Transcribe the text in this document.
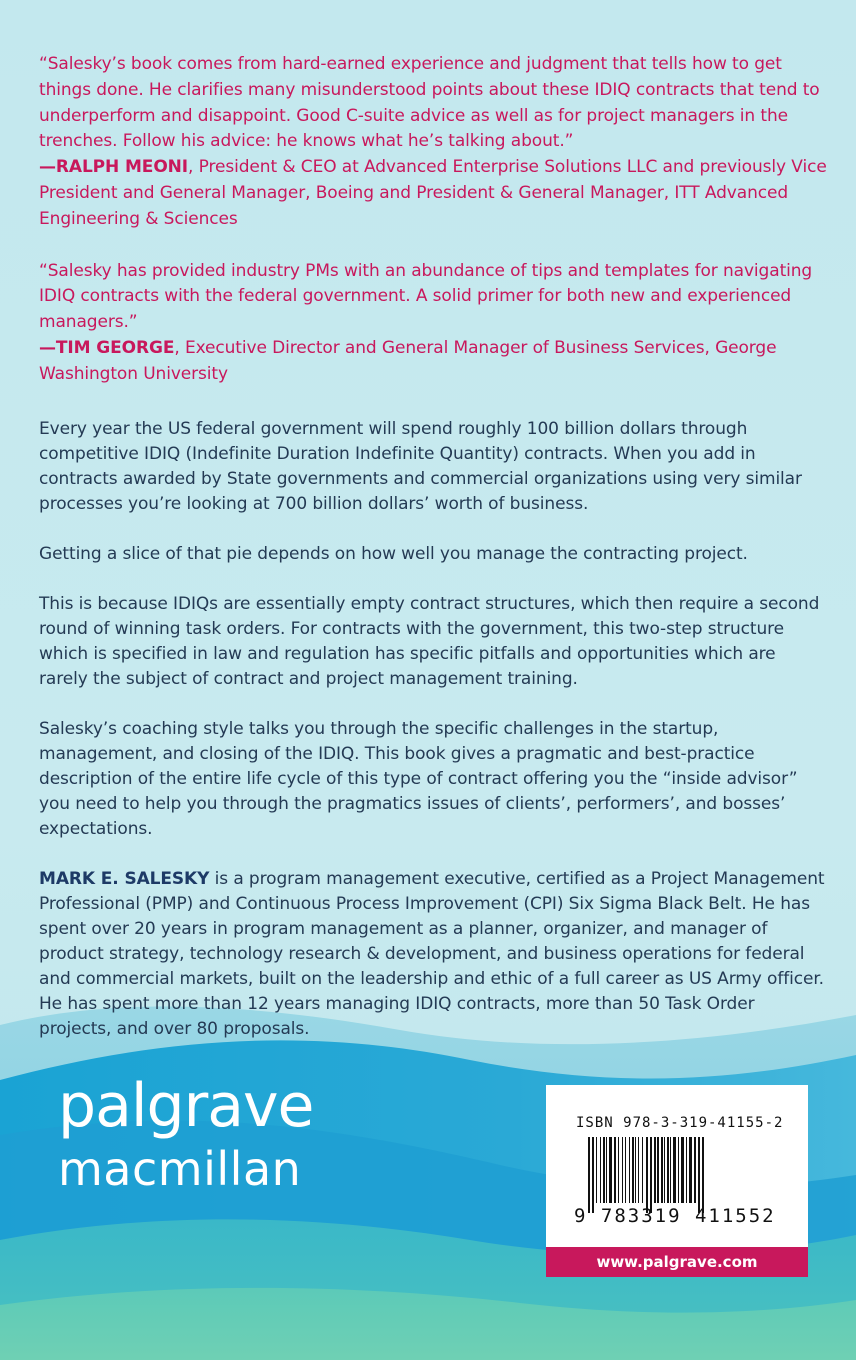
“Salesky’s book comes from hard-earned experience and judgment that tells how to get things done. He clarifies many misunderstood points about these IDIQ contracts that tend to underperform and disappoint. Good C-suite advice as well as for project managers in the trenches. Follow his advice: he knows what he’s talking about.”
—RALPH MEONI, President & CEO at Advanced Enterprise Solutions LLC and previously Vice President and General Manager, Boeing and President & General Manager, ITT Advanced Engineering & Sciences

“Salesky has provided industry PMs with an abundance of tips and templates for navigating IDIQ contracts with the federal government. A solid primer for both new and experienced managers.”
—TIM GEORGE, Executive Director and General Manager of Business Services, George Washington University

Every year the US federal government will spend roughly 100 billion dollars through competitive IDIQ (Indefinite Duration Indefinite Quantity) contracts. When you add in contracts awarded by State governments and commercial organizations using very similar processes you’re looking at 700 billion dollars’ worth of business.

Getting a slice of that pie depends on how well you manage the contracting project.

This is because IDIQs are essentially empty contract structures, which then require a second round of winning task orders. For contracts with the government, this two-step structure which is specified in law and regulation has specific pitfalls and opportunities which are rarely the subject of contract and project management training.

Salesky’s coaching style talks you through the specific challenges in the startup, management, and closing of the IDIQ. This book gives a pragmatic and best-practice description of the entire life cycle of this type of contract offering you the “inside advisor” you need to help you through the pragmatics issues of clients’, performers’, and bosses’ expectations.

MARK E. SALESKY is a program management executive, certified as a Project Management Professional (PMP) and Continuous Process Improvement (CPI) Six Sigma Black Belt. He has spent over 20 years in program management as a planner, organizer, and manager of product strategy, technology research & development, and business operations for federal and commercial markets, built on the leadership and ethic of a full career as US Army officer. He has spent more than 12 years managing IDIQ contracts, more than 50 Task Order projects, and over 80 proposals.

palgrave
macmillan
ISBN 978-3-319-41155-2
9 783319 411552
www.palgrave.com
